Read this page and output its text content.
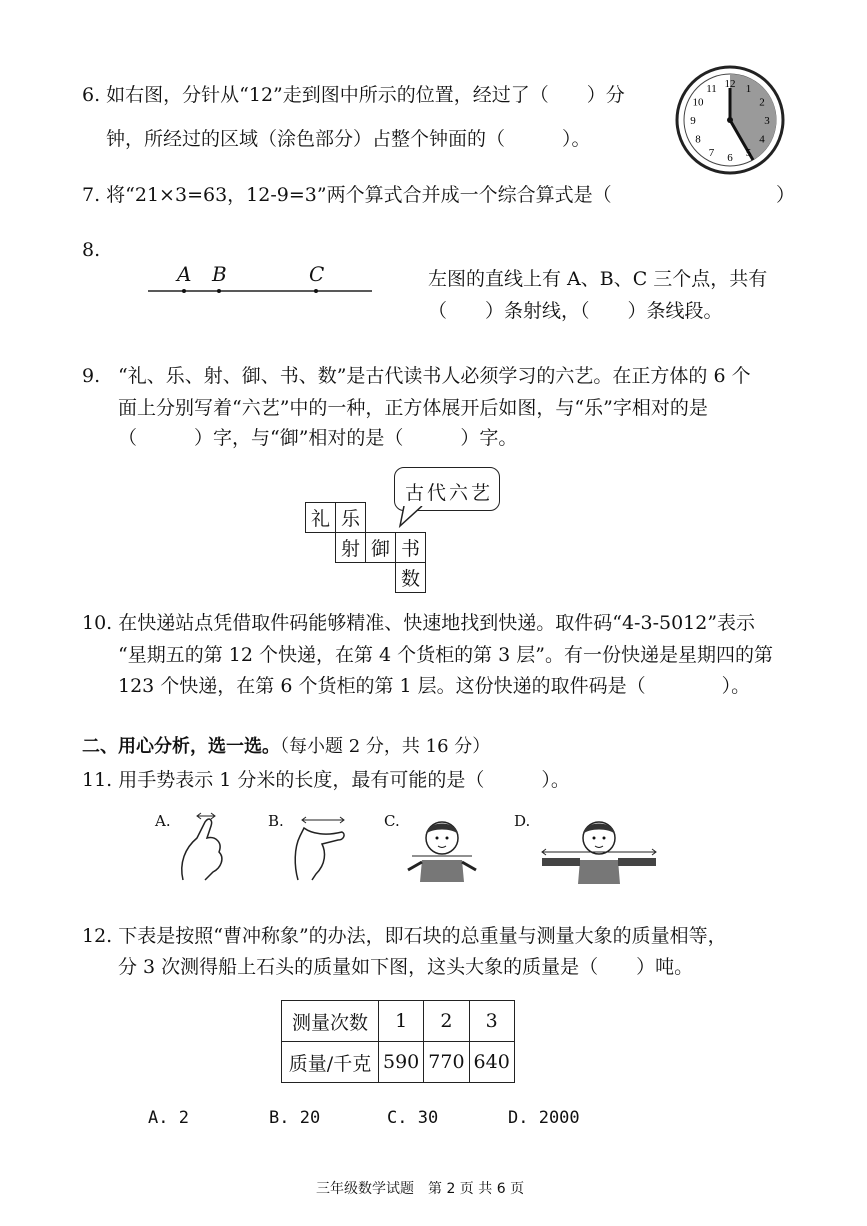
6. 如右图，分针从“12”走到图中所示的位置，经过了（　　）分
钟，所经过的区域（涂色部分）占整个钟面的（　　　）。
12 1
2
3
4
5
6
7
8
9
10
11
7. 将“21×3=63，12-9=3”两个算式合并成一个综合算式是（	）
8.
A B	C	左图的直线上有 A、B、C 三个点，共有
（　　）条射线，（　　）条线段。
9. “礼、乐、射、御、书、数”是古代读书人必须学习的六艺。在正方体的 6 个
面上分别写着“六艺”中的一种，正方体展开后如图，与“乐”字相对的是
（　　　）字，与“御”相对的是（　　　）字。
古代六艺
礼	乐		
	射	御	书
			数
10. 在快递站点凭借取件码能够精准、快速地找到快递。取件码“4-3-5012”表示
“星期五的第 12 个快递，在第 4 个货柜的第 3 层”。有一份快递是星期四的第
123 个快递，在第 6 个货柜的第 1 层。这份快递的取件码是（　　　　）。
二、用心分析，选一选。（每小题 2 分，共 16 分）
11. 用手势表示 1 分米的长度，最有可能的是（　　　）。
A.	B.	C.	D.
12. 下表是按照“曹冲称象”的办法，即石块的总重量与测量大象的质量相等，
分 3 次测得船上石头的质量如下图，这头大象的质量是（　　）吨。
测量次数	1	2	3
质量/千克	590	770	640
A. 2	B. 20	C. 30	D. 2000
三年级数学试题　第 2 页 共 6 页
